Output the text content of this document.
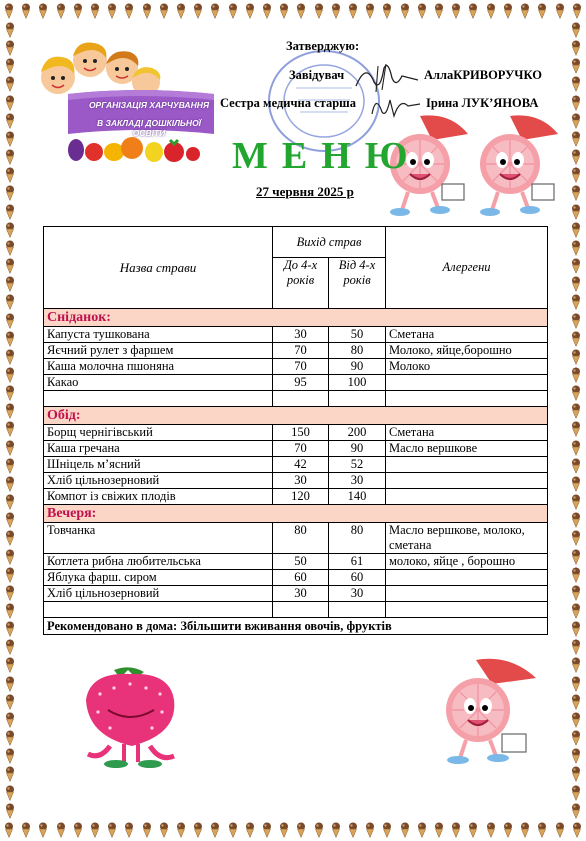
ОРГАНІЗАЦІЯ ХАРЧУВАННЯ
В ЗАКЛАДІ ДОШКІЛЬНОЇ ОСВІТИ
Затверджую:
Завідувач	АллаКРИВОРУЧКО
Сестра медична старша	Ірина ЛУК’ЯНОВА
МЕНЮ
27 червня 2025 р
Назва страви	Вихід страв		Алергени
	До 4-х років	Від 4-х років	
Сніданок:			
Капуста тушкована	30	50	Сметана
Яєчний рулет з фаршем	70	80	Молоко, яйце,борошно
Каша молочна пшоняна	70	90	Молоко
Какао	95	100	

Обід:			
Борщ чернігівський	150	200	Сметана
Каша гречана	70	90	Масло вершкове
Шніцель м’ясний	42	52	
Хліб цільнозерновий	30	30	
Компот із свіжих плодів	120	140	
Вечеря:			
Товчанка	80	80	Масло вершкове, молоко, сметана
Котлета рибна любительська	50	61	молоко, яйце , борошно
Яблука фарш. сиром	60	60	
Хліб цільнозерновий	30	30	

Рекомендовано в дома: Збільшити вживання овочів, фруктів			
